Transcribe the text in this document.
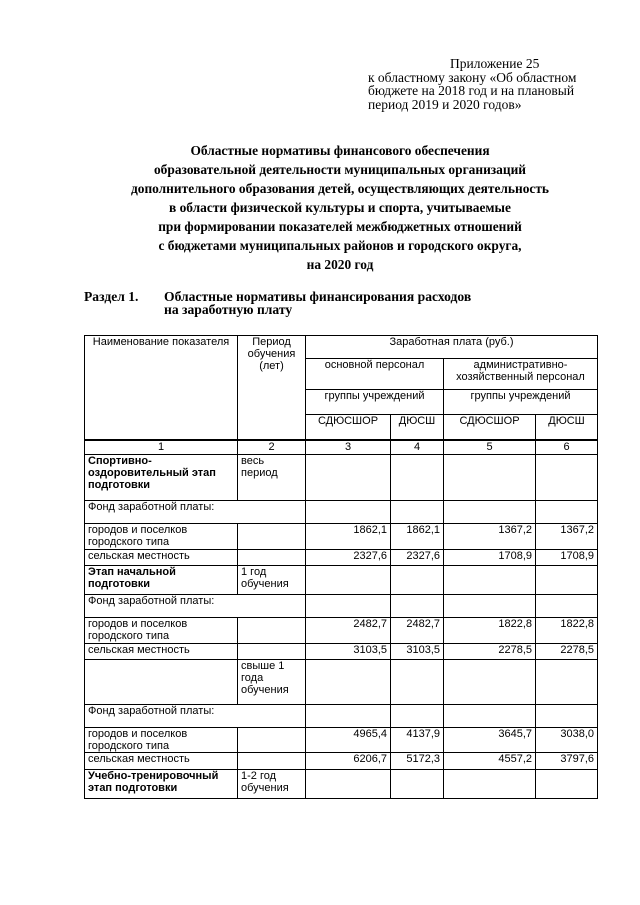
Приложение 25
к областному закону «Об областном
бюджете на 2018 год и на плановый
период 2019 и 2020 годов»
Областные нормативы финансового обеспечения
образовательной деятельности муниципальных организаций
дополнительного образования детей, осуществляющих деятельность
в области физической культуры и спорта, учитываемые
при формировании показателей межбюджетных отношений
с бюджетами муниципальных районов и городского округа,
на 2020 год
Раздел 1. Областные нормативы финансирования расходов
на заработную плату
Наименование показателя	Период обучения (лет)	Заработная плата (руб.)			
		основной персонал		административно-хозяйственный персонал	
		группы учреждений		группы учреждений	
		СДЮСШОР	ДЮСШ	СДЮСШОР	ДЮСШ
1	2	3	4	5	6
Спортивно-оздоровительный этап подготовки	весь период				
Фонд заработной платы:					
городов и поселков городского типа		1862,1	1862,1	1367,2	1367,2
сельская местность		2327,6	2327,6	1708,9	1708,9
Этап начальной подготовки	1 год обучения				
Фонд заработной платы:					
городов и поселков городского типа		2482,7	2482,7	1822,8	1822,8
сельская местность		3103,5	3103,5	2278,5	2278,5
	свыше 1 года обучения				
Фонд заработной платы:					
городов и поселков городского типа		4965,4	4137,9	3645,7	3038,0
сельская местность		6206,7	5172,3	4557,2	3797,6
Учебно-тренировочный этап подготовки	1-2 год обучения				
